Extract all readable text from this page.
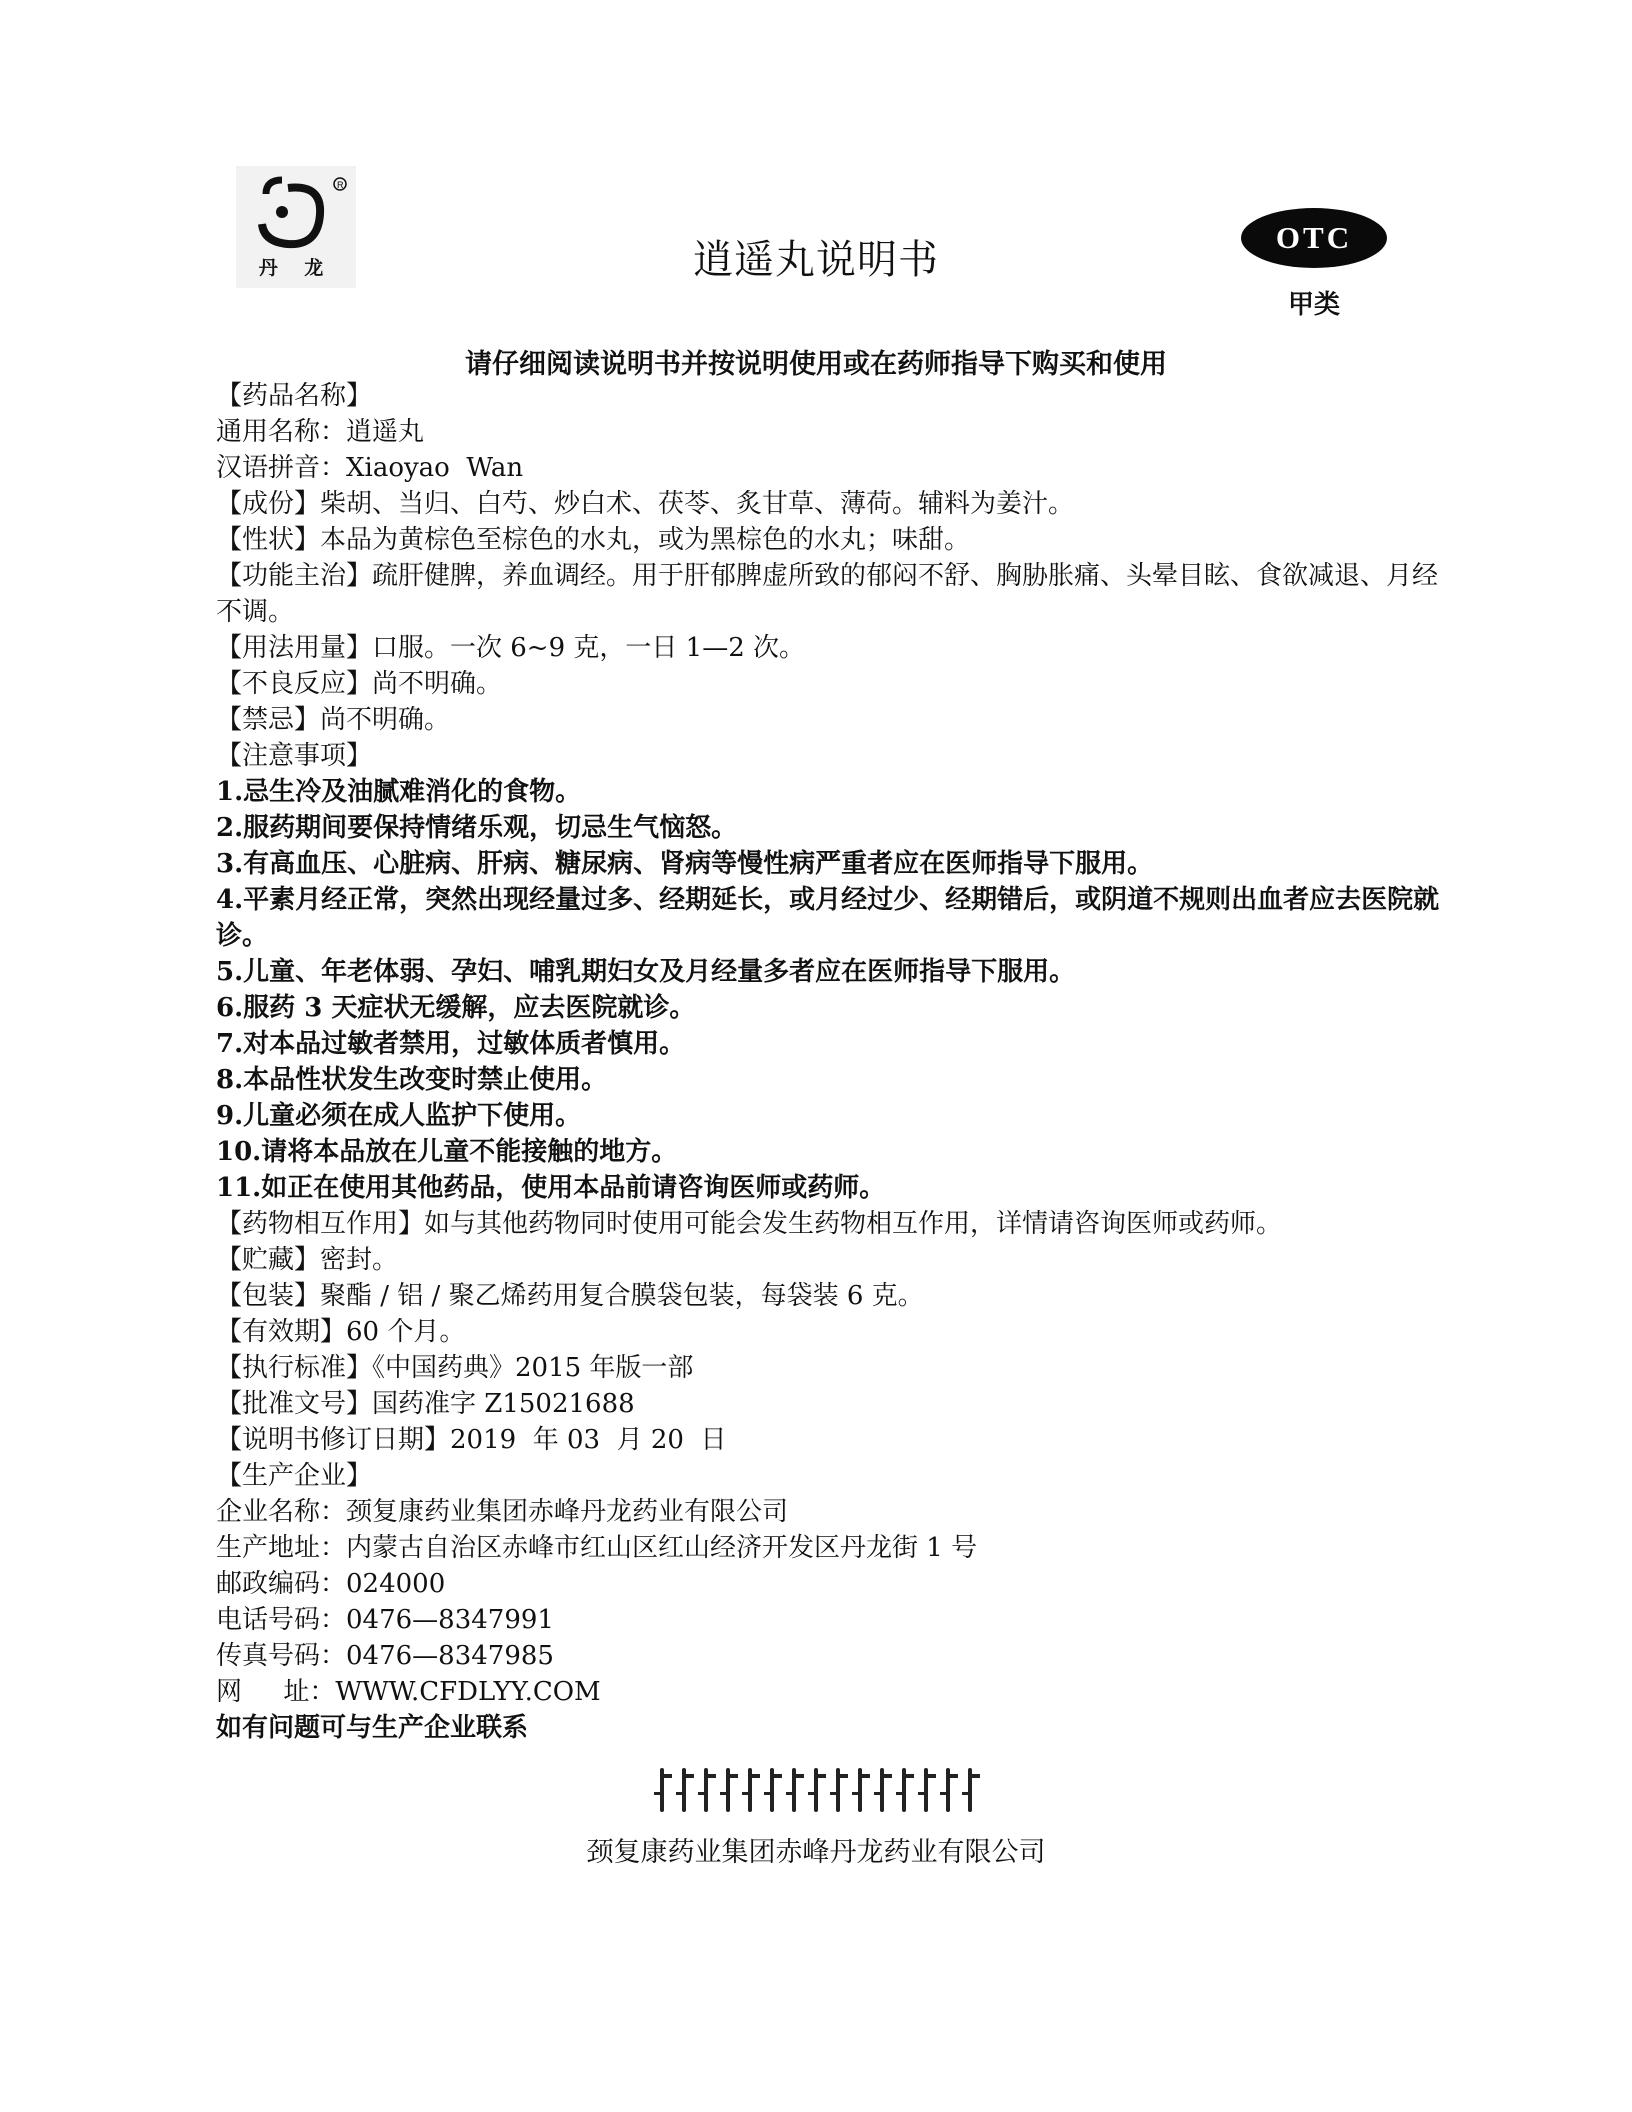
R
丹 龙	逍遥丸说明书	OTC
甲类
请仔细阅读说明书并按说明使用或在药师指导下购买和使用
【药品名称】
通用名称：逍遥丸
汉语拼音：Xiaoyao  Wan
【成份】柴胡、当归、白芍、炒白术、茯苓、炙甘草、薄荷。辅料为姜汁。
【性状】本品为黄棕色至棕色的水丸，或为黑棕色的水丸；味甜。
【功能主治】疏肝健脾，养血调经。用于肝郁脾虚所致的郁闷不舒、胸胁胀痛、头晕目眩、食欲减退、月经不调。
【用法用量】口服。一次 6~9 克，一日 1—2 次。
【不良反应】尚不明确。
【禁忌】尚不明确。
【注意事项】
1.忌生冷及油腻难消化的食物。
2.服药期间要保持情绪乐观，切忌生气恼怒。
3.有高血压、心脏病、肝病、糖尿病、肾病等慢性病严重者应在医师指导下服用。
4.平素月经正常，突然出现经量过多、经期延长，或月经过少、经期错后，或阴道不规则出血者应去医院就诊。
5.儿童、年老体弱、孕妇、哺乳期妇女及月经量多者应在医师指导下服用。
6.服药 3 天症状无缓解，应去医院就诊。
7.对本品过敏者禁用，过敏体质者慎用。
8.本品性状发生改变时禁止使用。
9.儿童必须在成人监护下使用。
10.请将本品放在儿童不能接触的地方。
11.如正在使用其他药品，使用本品前请咨询医师或药师。
【药物相互作用】如与其他药物同时使用可能会发生药物相互作用，详情请咨询医师或药师。
【贮藏】密封。
【包装】聚酯 / 铝 / 聚乙烯药用复合膜袋包装，每袋装 6 克。
【有效期】60 个月。
【执行标准】《中国药典》2015 年版一部
【批准文号】国药准字 Z15021688
【说明书修订日期】2019  年 03  月 20  日
【生产企业】
企业名称：颈复康药业集团赤峰丹龙药业有限公司
生产地址：内蒙古自治区赤峰市红山区红山经济开发区丹龙街 1 号
邮政编码：024000
电话号码：0476—8347991
传真号码：0476—8347985
网     址：WWW.CFDLYY.COM
如有问题可与生产企业联系
颈复康药业集团赤峰丹龙药业有限公司
